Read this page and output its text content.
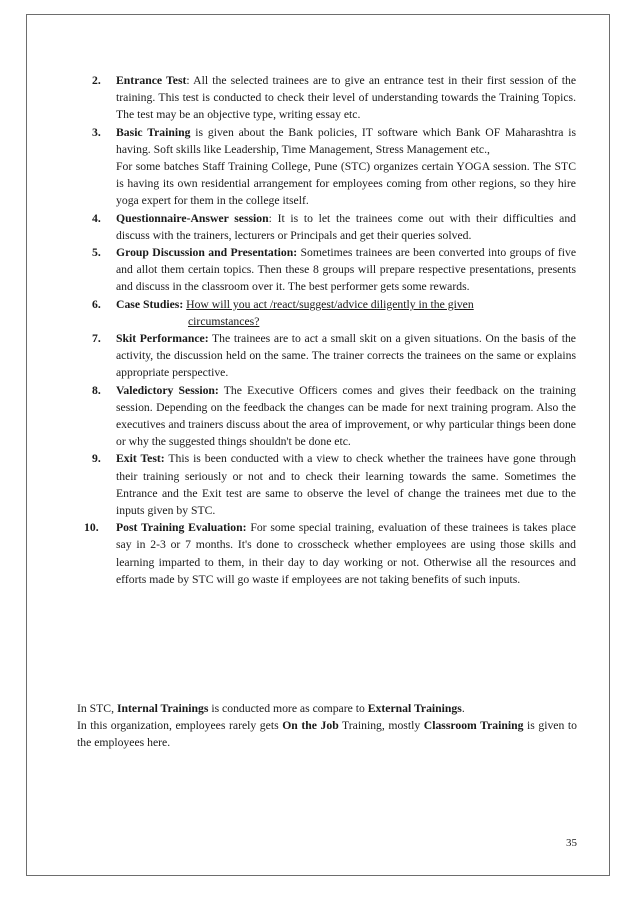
2. Entrance Test: All the selected trainees are to give an entrance test in their first session of the training. This test is conducted to check their level of understanding towards the Training Topics. The test may be an objective type, writing essay etc.
3. Basic Training is given about the Bank policies, IT software which Bank OF Maharashtra is having. Soft skills like Leadership, Time Management, Stress Management etc.,
For some batches Staff Training College, Pune (STC) organizes certain YOGA session. The STC is having its own residential arrangement for employees coming from other regions, so they hire yoga expert for them in the college itself.
4. Questionnaire-Answer session: It is to let the trainees come out with their difficulties and discuss with the trainers, lecturers or Principals and get their queries solved.
5. Group Discussion and Presentation: Sometimes trainees are been converted into groups of five and allot them certain topics. Then these 8 groups will prepare respective presentations, presents and discuss in the classroom over it. The best performer gets some rewards.
6. Case Studies: How will you act /react/suggest/advice diligently in the given
circumstances?
7. Skit Performance: The trainees are to act a small skit on a given situations. On the basis of the activity, the discussion held on the same. The trainer corrects the trainees on the same or explains appropriate perspective.
8. Valedictory Session: The Executive Officers comes and gives their feedback on the training session. Depending on the feedback the changes can be made for next training program. Also the executives and trainers discuss about the area of improvement, or why particular things been done or why the suggested things shouldn't be done etc.
9. Exit Test: This is been conducted with a view to check whether the trainees have gone through their training seriously or not and to check their learning towards the same. Sometimes the Entrance and the Exit test are same to observe the level of change the trainees met due to the inputs given by STC.
10. Post Training Evaluation: For some special training, evaluation of these trainees is takes place say in 2-3 or 7 months. It's done to crosscheck whether employees are using those skills and learning imparted to them, in their day to day working or not. Otherwise all the resources and efforts made by STC will go waste if employees are not taking benefits of such inputs.
In STC, Internal Trainings is conducted more as compare to External Trainings.
In this organization, employees rarely gets On the Job Training, mostly Classroom Training is given to the employees here.
35
